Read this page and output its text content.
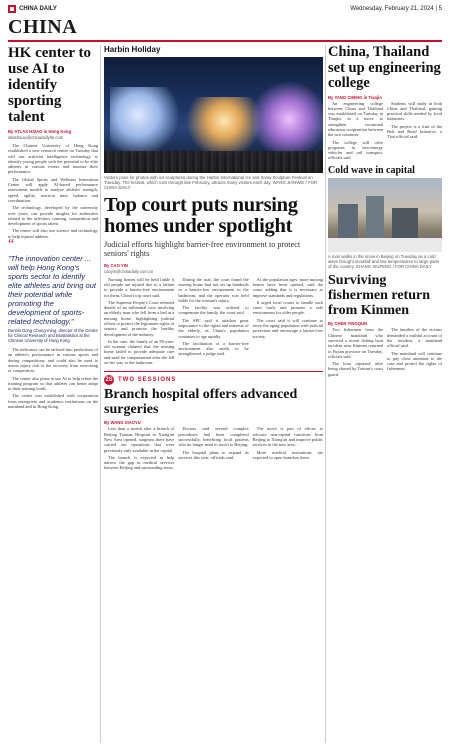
CHINA DAILY	Wednesday, February 21, 2024 | 5
CHINA
HK center to use AI to identify sporting talent
By ATLAS HSIAO in Hong Kong
atlashsiao@chinadailyhk.com

The Chinese University of Hong Kong established a new research center on Tuesday that will use artificial intelligence technology to identify young people with the potential to be elite athletes in various events and monitor their performance.

The Global Sports and Wellness Innovation Center will apply AI-based performance assessment models to analyze athletes' strength, speed, agility, reaction time, balance and coordination.

The technology, developed by the university over years, can provide insights for authorities related to the selection, training, competition and development of sports talent.

The center will also use science and technology to help injured athletes.

“
"The innovation center ... will help Hong Kong's sports sector to identify elite athletes and bring out their potential while promoting the development of sports-related technology."
Dennis Dong Chung-ming, director of the Centre for Clinical Research and Biostatistics at the Chinese University of Hong Kong

The indicators can be tailored into predictions of an athlete's performance in various sports and during competitions, and could also be used to assess injury risk or the recovery from exercising or competition.

The center also plans to use AI to help refine the training program so that athletes can better adapt to their training loads.

The center was established with cooperation from enterprises and academic institutions on the mainland and in Hong Kong.

Harbin Holiday
Visitors pose for photos with ice sculptures during the Harbin International Ice and Snow Sculpture Festival on Tuesday. The festival, which runs through late February, attracts many visitors each day. WANG JIANWEI / FOR CHINA DAILY
Top court puts nursing homes under spotlight
Judicial efforts highlight barrier-free environment to protect seniors' rights
By CAO YIN
caoyin@chinadaily.com.cn

Nursing homes will be held liable if old people are injured due to a failure to provide a barrier-free environment for them, China's top court said.

The Supreme People's Court released details of an influential case involving an elderly man who fell from a bed at a nursing home, highlighting judicial efforts to protect the legitimate rights of seniors and promote the healthy development of the industry.

In the case, the family of an 85-year-old woman claimed that the nursing home failed to provide adequate care and sued for compensation after she fell on her way to the bathroom.

During the trial, the court found the nursing home had not set up handrails or a barrier-free environment in the bathroom, and the operator was held liable for the woman's injury.

The facility was ordered to compensate the family, the court said.

The SPC said it attaches great importance to the rights and interests of the elderly, as China's population continues to age rapidly.

The facilitation of a barrier-free environment also needs to be strengthened, a judge said.

As the population ages, more nursing homes have been opened, said the court, adding that it is necessary to improve standards and regulations.

It urged local courts to handle such cases fairly and promote a safe environment for older people.

The court said it will continue to serve the aging population with judicial protection and encourage a barrier-free society.

2S TWO SESSIONS
Branch hospital offers advanced surgeries
By WANG XIAOYU

Less than a month after a branch of Beijing Tiantan Hospital in Xiong'an New Area opened, surgeons there have carried out operations that were previously only available in the capital.

The branch is expected to help narrow the gap in medical services between Beijing and surrounding areas.

Doctors said several complex procedures had been completed successfully, benefiting local patients who no longer need to travel to Beijing.

The hospital plans to expand its services this year, officials said.

The move is part of efforts to relocate non-capital functions from Beijing to Xiong'an and improve public services in the new area.

More medical institutions are expected to open branches there.

China, Thailand set up engineering college
By YANG CHENG in Tianjin

An engineering college between China and Thailand was established on Tuesday in Tianjin, in a move to strengthen vocational education cooperation between the two countries.

The college will offer programs in new-energy vehicles and rail transport, officials said.

Students will study in both China and Thailand, gaining practical skills needed by local industries.

The project is a fruit of the Belt and Road Initiative, a Thai official said.

Cold wave in capital
A man walks in the snow in Beijing on Tuesday as a cold wave brought snowfall and low temperatures to large parts of the country. ZHANG XIUFENG / FOR CHINA DAILY
Surviving fishermen return from Kinmen
By CHEN YINGQUN

Two fishermen from the Chinese mainland who survived a recent fishing boat incident near Kinmen returned to Fujian province on Tuesday, officials said.

The boat capsized after being chased by Taiwan's coast guard.

The families of the victims demanded a truthful account of the incident, a mainland official said.

The mainland will continue to pay close attention to the case and protect the rights of fishermen.
